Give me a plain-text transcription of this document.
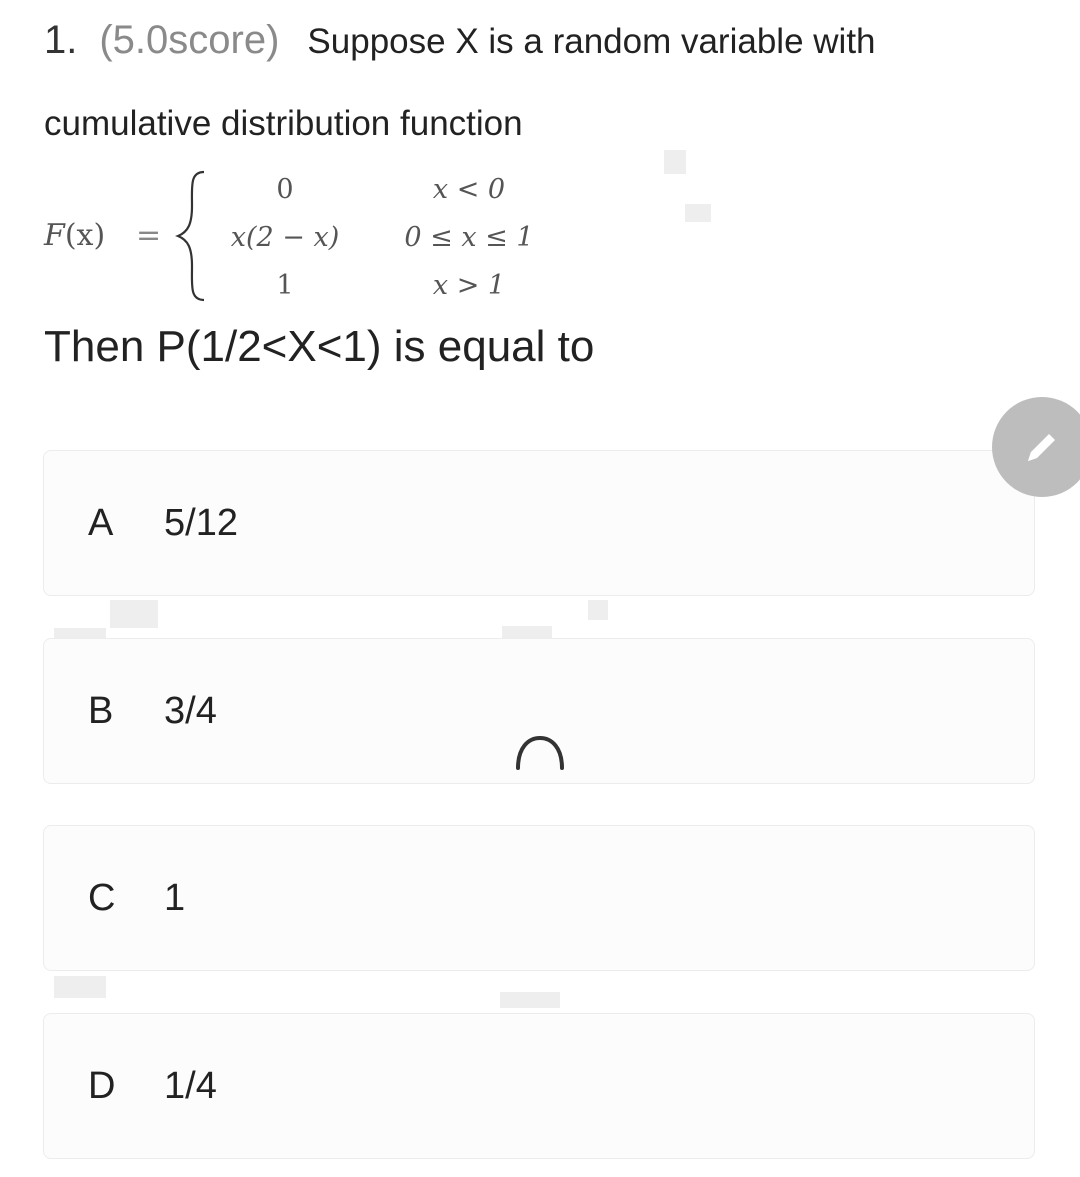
1. (5.0score) Suppose X is a random variable with
cumulative distribution function
F(x) =
0	x < 0
x(2 − x)	0 ≤ x ≤ 1
1	x > 1
Then P(1/2<X<1) is equal to
A 5/12
B 3/4
C 1
D 1/4
